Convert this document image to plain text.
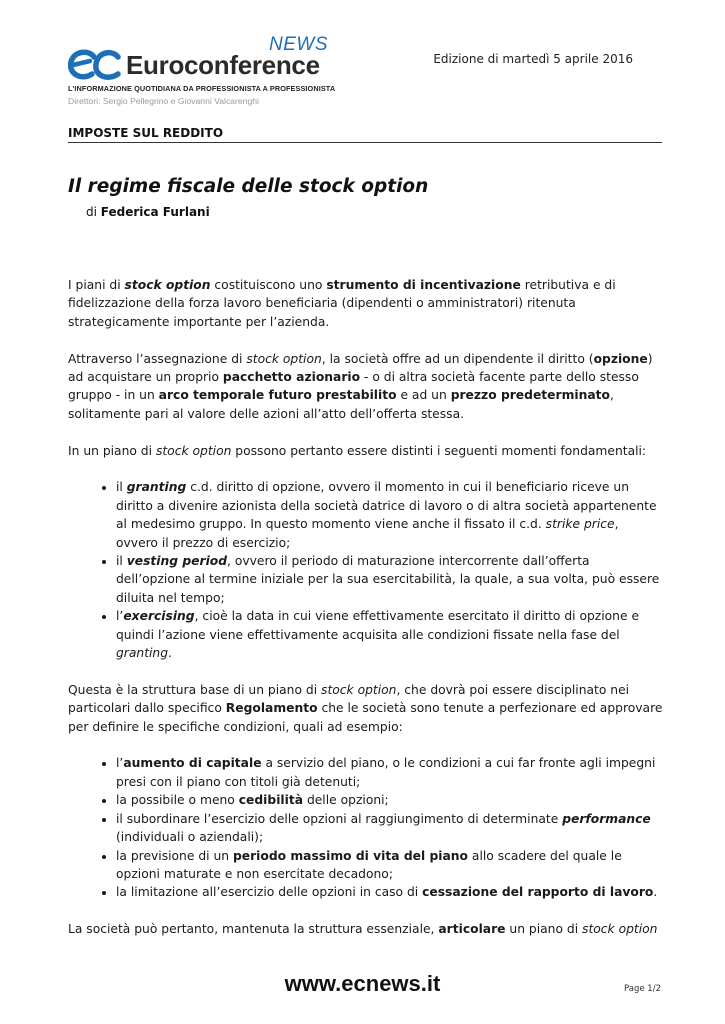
Euroconference
NEWS
L'INFORMAZIONE QUOTIDIANA DA PROFESSIONISTA A PROFESSIONISTA
Direttori: Sergio Pellegrino e Giovanni Valcarenghi
Edizione di martedì 5 aprile 2016
IMPOSTE SUL REDDITO
Il regime fiscale delle stock option
di Federica Furlani

I piani di stock option costituiscono uno strumento di incentivazione retributiva e di fidelizzazione della forza lavoro beneficiaria (dipendenti o amministratori) ritenuta strategicamente importante per l’azienda.

Attraverso l’assegnazione di stock option, la società offre ad un dipendente il diritto (opzione) ad acquistare un proprio pacchetto azionario - o di altra società facente parte dello stesso gruppo - in un arco temporale futuro prestabilito e ad un prezzo predeterminato, solitamente pari al valore delle azioni all’atto dell’offerta stessa.

In un piano di stock option possono pertanto essere distinti i seguenti momenti fondamentali:

• il granting c.d. diritto di opzione, ovvero il momento in cui il beneficiario riceve un diritto a divenire azionista della società datrice di lavoro o di altra società appartenente al medesimo gruppo. In questo momento viene anche il fissato il c.d. strike price, ovvero il prezzo di esercizio;
• il vesting period, ovvero il periodo di maturazione intercorrente dall’offerta dell’opzione al termine iniziale per la sua esercitabilità, la quale, a sua volta, può essere diluita nel tempo;
• l’exercising, cioè la data in cui viene effettivamente esercitato il diritto di opzione e quindi l’azione viene effettivamente acquisita alle condizioni fissate nella fase del granting.

Questa è la struttura base di un piano di stock option, che dovrà poi essere disciplinato nei particolari dallo specifico Regolamento che le società sono tenute a perfezionare ed approvare per definire le specifiche condizioni, quali ad esempio:

• l’aumento di capitale a servizio del piano, o le condizioni a cui far fronte agli impegni presi con il piano con titoli già detenuti;
• la possibile o meno cedibilità delle opzioni;
• il subordinare l’esercizio delle opzioni al raggiungimento di determinate performance (individuali o aziendali);
• la previsione di un periodo massimo di vita del piano allo scadere del quale le opzioni maturate e non esercitate decadono;
• la limitazione all’esercizio delle opzioni in caso di cessazione del rapporto di lavoro.

La società può pertanto, mantenuta la struttura essenziale, articolare un piano di stock option

www.ecnews.it	Page 1/2
